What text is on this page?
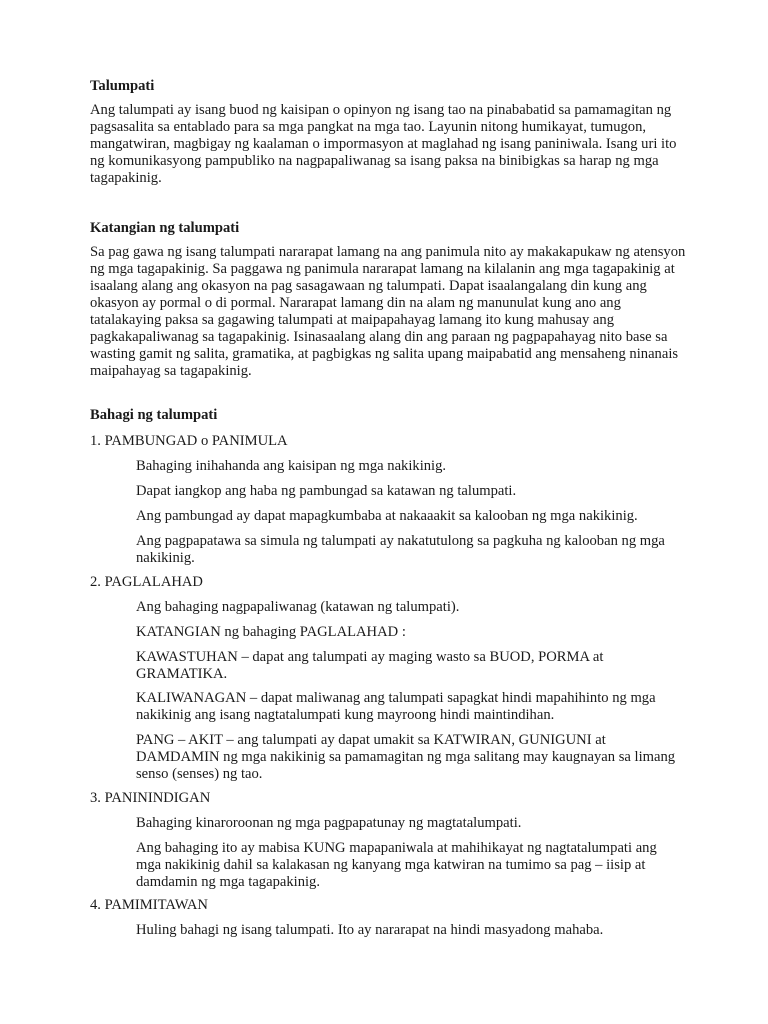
Talumpati

Ang talumpati ay isang buod ng kaisipan o opinyon ng isang tao na pinababatid sa pamamagitan ng pagsasalita sa entablado para sa mga pangkat na mga tao. Layunin nitong humikayat, tumugon, mangatwiran, magbigay ng kaalaman o impormasyon at maglahad ng isang paniniwala. Isang uri ito ng komunikasyong pampubliko na nagpapaliwanag sa isang paksa na binibigkas sa harap ng mga tagapakinig.

Katangian ng talumpati

Sa pag gawa ng isang talumpati nararapat lamang na ang panimula nito ay makakapukaw ng atensyon ng mga tagapakinig. Sa paggawa ng panimula nararapat lamang na kilalanin ang mga tagapakinig at isaalang alang ang okasyon na pag sasagawaan ng talumpati. Dapat isaalangalang din kung ang okasyon ay pormal o di pormal. Nararapat lamang din na alam ng manunulat kung ano ang tatalakaying paksa sa gagawing talumpati at maipapahayag lamang ito kung mahusay ang pagkakapaliwanag sa tagapakinig. Isinasaalang alang din ang paraan ng pagpapahayag nito base sa wasting gamit ng salita, gramatika, at pagbigkas ng salita upang maipabatid ang mensaheng ninanais maipahayag sa tagapakinig.

Bahagi ng talumpati

1. PAMBUNGAD o PANIMULA

Bahaging inihahanda ang kaisipan ng mga nakikinig.

Dapat iangkop ang haba ng pambungad sa katawan ng talumpati.

Ang pambungad ay dapat mapagkumbaba at nakaaakit sa kalooban ng mga nakikinig.

Ang pagpapatawa sa simula ng talumpati ay nakatutulong sa pagkuha ng kalooban ng mga nakikinig.

2. PAGLALAHAD

Ang bahaging nagpapaliwanag (katawan ng talumpati).

KATANGIAN ng bahaging PAGLALAHAD :

KAWASTUHAN – dapat ang talumpati ay maging wasto sa BUOD, PORMA at GRAMATIKA.

KALIWANAGAN – dapat maliwanag ang talumpati sapagkat hindi mapahihinto ng mga nakikinig ang isang nagtatalumpati kung mayroong hindi maintindihan.

PANG – AKIT – ang talumpati ay dapat umakit sa KATWIRAN, GUNIGUNI at DAMDAMIN ng mga nakikinig sa pamamagitan ng mga salitang may kaugnayan sa limang senso (senses) ng tao.

3. PANININDIGAN

Bahaging kinaroroonan ng mga pagpapatunay ng magtatalumpati.

Ang bahaging ito ay mabisa KUNG mapapaniwala at mahihikayat ng nagtatalumpati ang mga nakikinig dahil sa kalakasan ng kanyang mga katwiran na tumimo sa pag – iisip at damdamin ng mga tagapakinig.

4. PAMIMITAWAN

Huling bahagi ng isang talumpati. Ito ay nararapat na hindi masyadong mahaba.
